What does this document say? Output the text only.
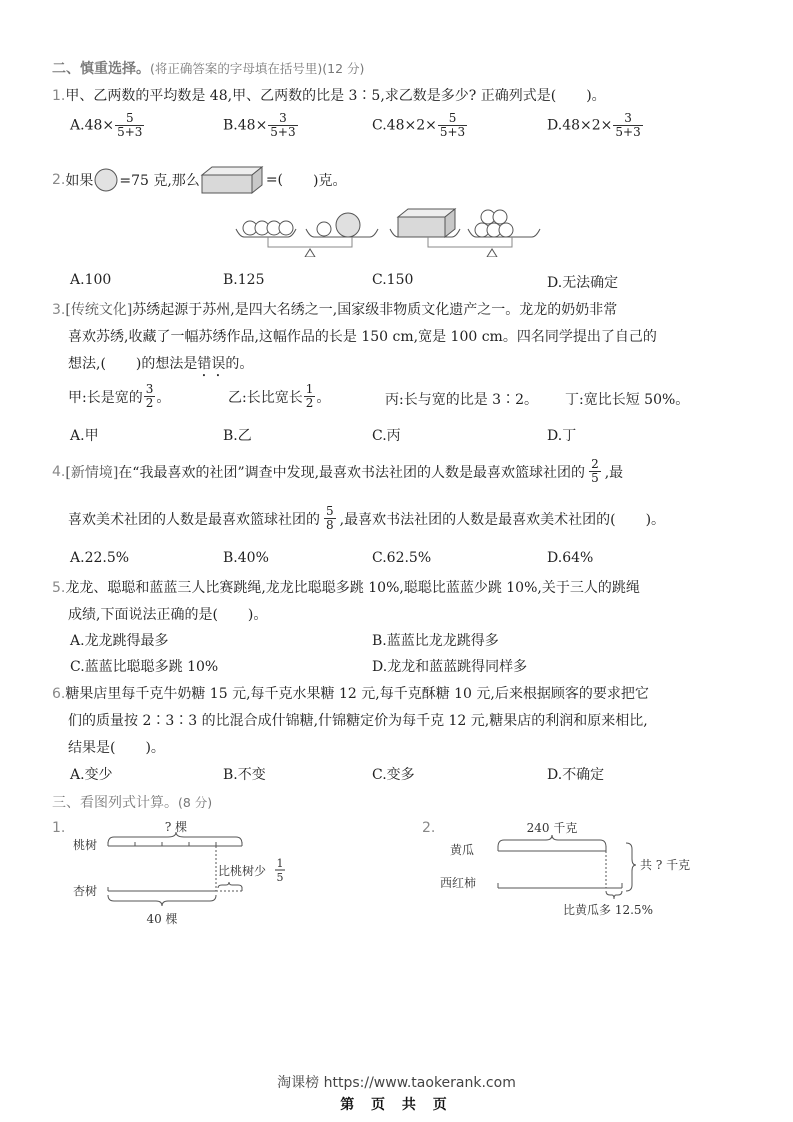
二、慎重选择。(将正确答案的字母填在括号里)(12 分)
1.甲、乙两数的平均数是 48,甲、乙两数的比是 3∶5,求乙数是多少? 正确列式是( )。
$A.48\times \frac{5}{5+3}$	$B.48\times \frac{3}{5+3}$	$C.48\times 2\times \frac{5}{5+3}$	$D.48\times 2\times \frac{3}{5+3}$
2. 如果 =75 克,那么	=( )克。
A.100	B.125	C.150	D.无法确定
3.[传统文化]苏绣起源于苏州,是四大名绣之一,国家级非物质文化遗产之一。龙龙的奶奶非常
喜欢苏绣,收藏了一幅苏绣作品,这幅作品的长是 150 cm,宽是 100 cm。四名同学提出了自己的
想法,( )的想法是错误的。
甲:长是宽的 $\frac{3}{2}$ 。	乙:长比宽长 $\frac{1}{2}$ 。	丙:长与宽的比是 3∶2。 丁:宽比长短 50%。
A.甲	B.乙	C.丙	D.丁
4. [新情境] 在“我最喜欢的社团”调查中发现,最喜欢书法社团的人数是最喜欢篮球社团的 $\frac{2}{5}$ ,最
喜欢美术社团的人数是最喜欢篮球社团的 $\frac{5}{8}$ ,最喜欢书法社团的人数是最喜欢美术社团的( )。
A.22.5%	B.40%	C.62.5%	D.64%
5.龙龙、聪聪和蓝蓝三人比赛跳绳,龙龙比聪聪多跳 10%,聪聪比蓝蓝少跳 10%,关于三人的跳绳
成绩,下面说法正确的是( )。
A.龙龙跳得最多	B.蓝蓝比龙龙跳得多
C.蓝蓝比聪聪多跳 10%	D.龙龙和蓝蓝跳得同样多
6.糖果店里每千克牛奶糖 15 元,每千克水果糖 12 元,每千克酥糖 10 元,后来根据顾客的要求把它
们的质量按 2∶3∶3 的比混合成什锦糖,什锦糖定价为每千克 12 元,糖果店的利润和原来相比,
结果是( )。
A.变少	B.不变	C.变多	D.不确定
三、看图列式计算。(8 分)
1.	? 棵
桃树
比桃树少
1
5
杏树
40 棵
2.	240 千克
黄瓜
西红柿
共 ? 千克
比黄瓜多 12.5%
淘课榜 https://www.taokerank.com
第 页 共 页
